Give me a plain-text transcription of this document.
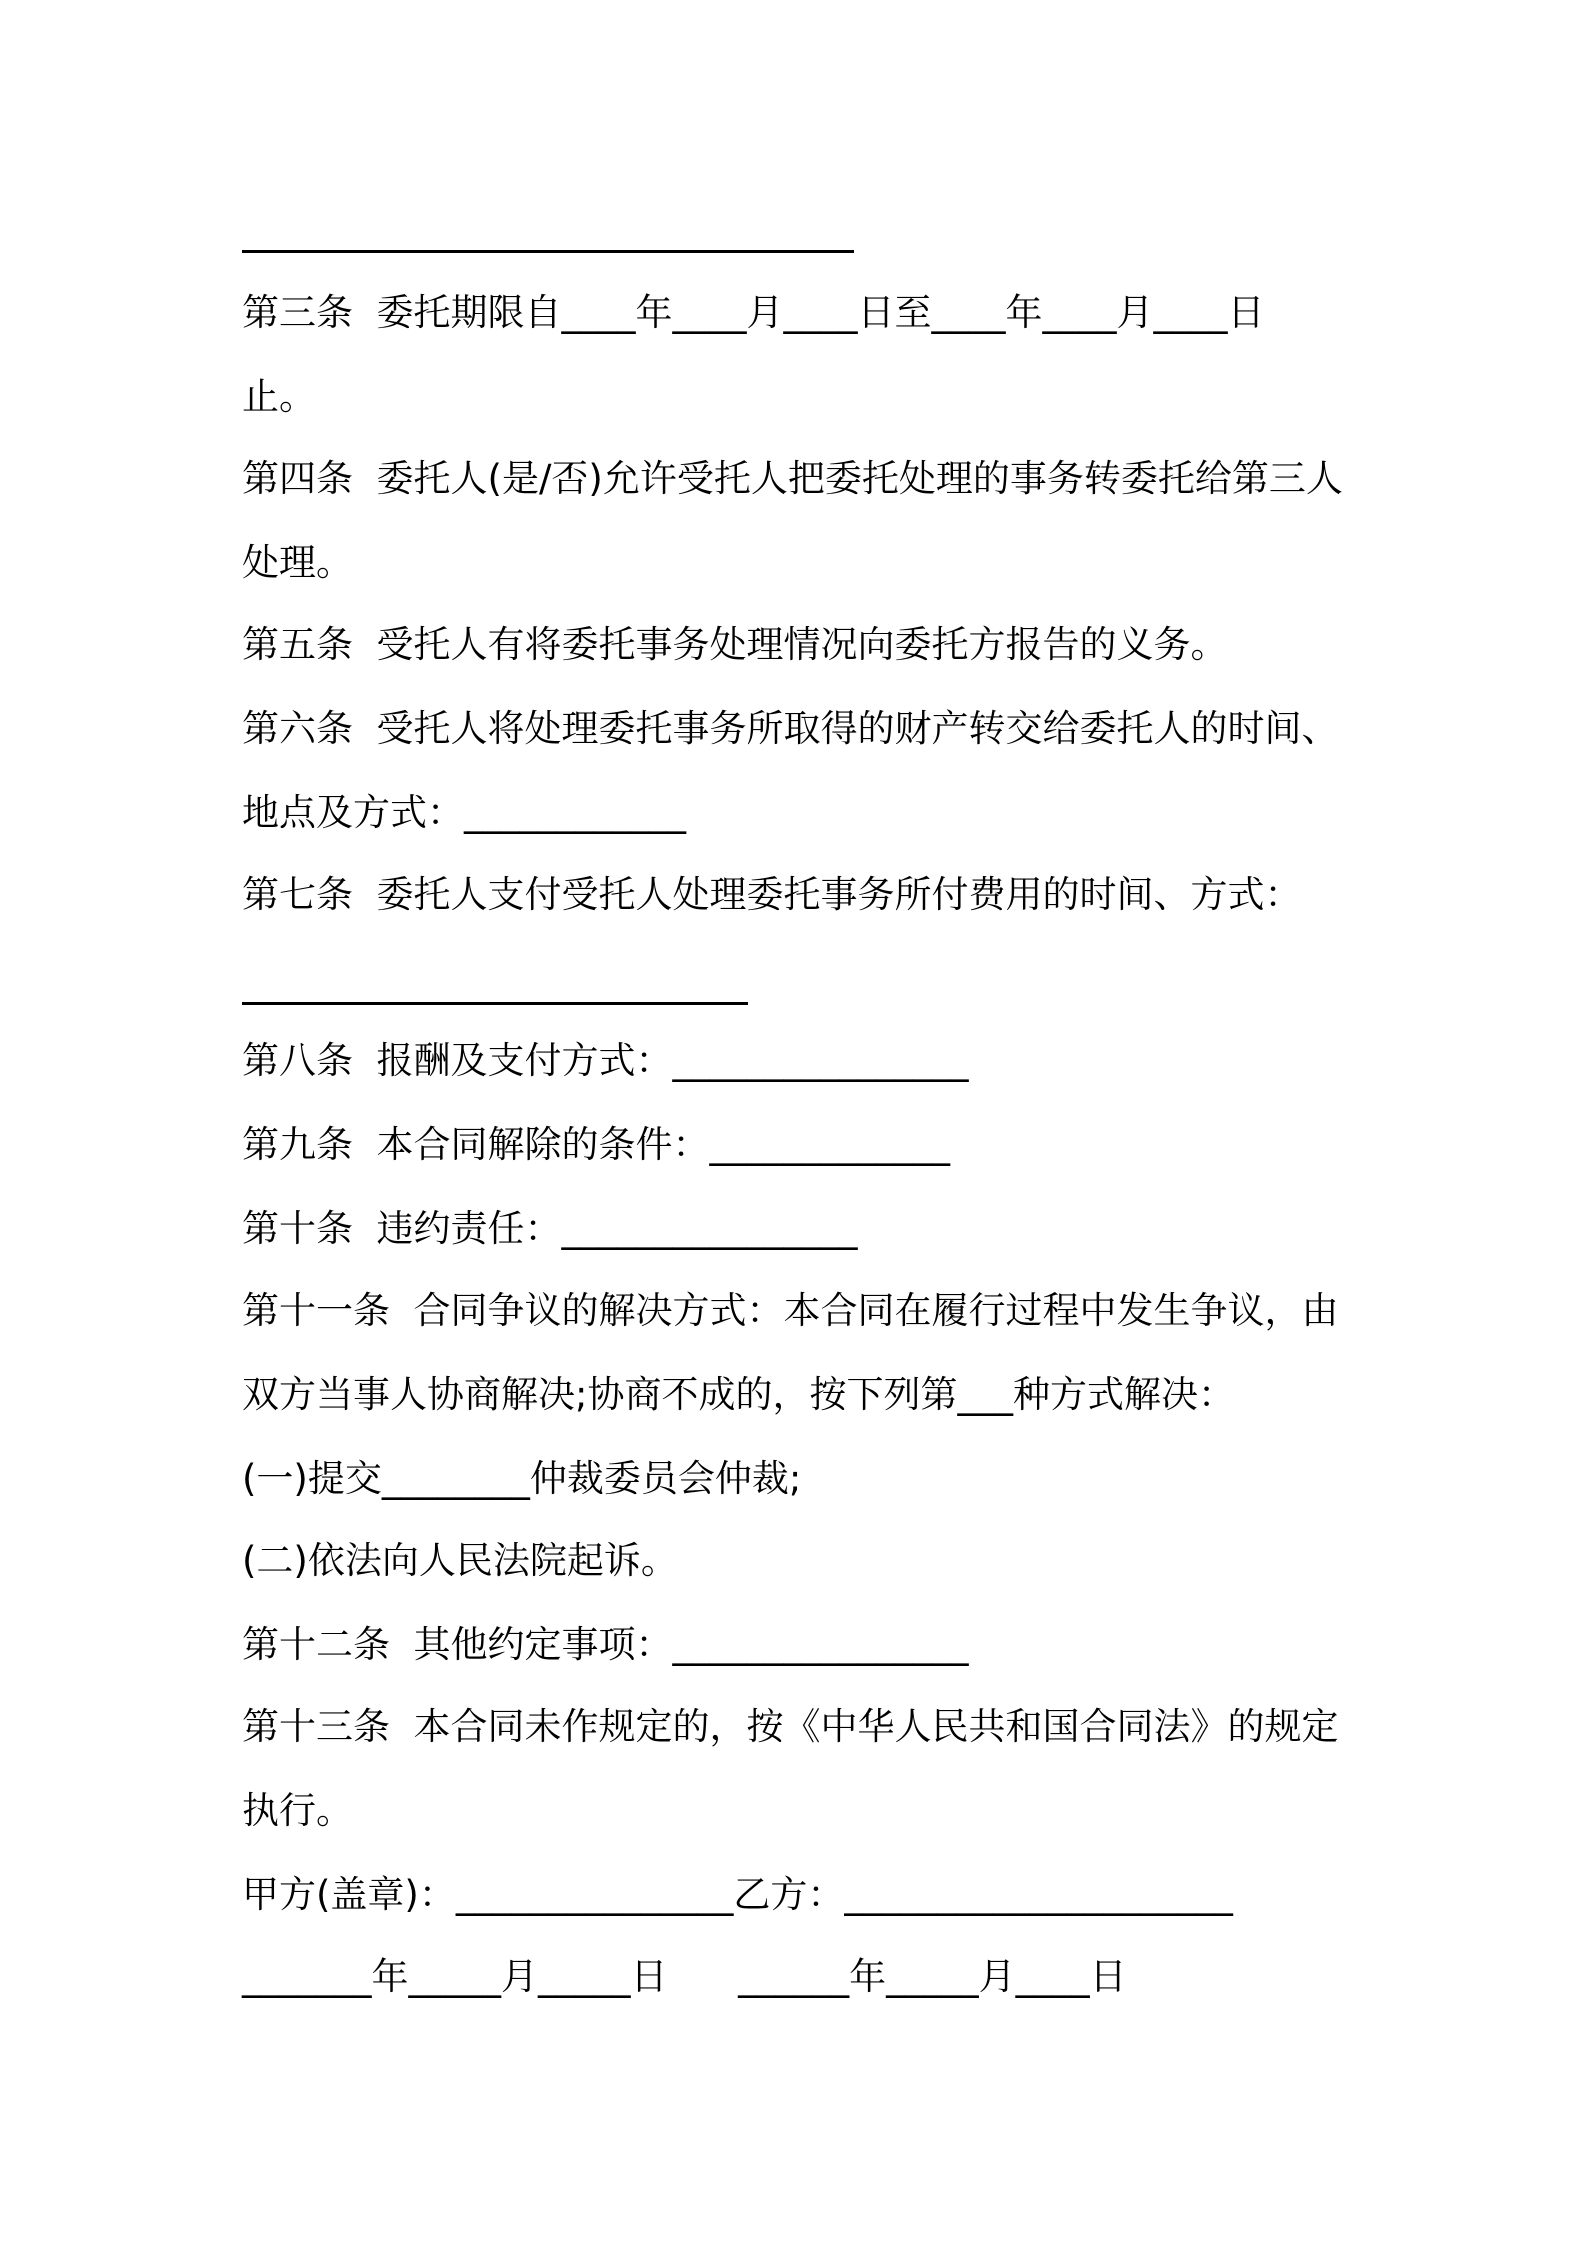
第三条  委托期限自____年____月____日至____年____月____日

止。

第四条  委托人(是/否)允许受托人把委托处理的事务转委托给第三人

处理。

第五条  受托人有将委托事务处理情况向委托方报告的义务。

第六条  受托人将处理委托事务所取得的财产转交给委托人的时间、

地点及方式：____________

第七条  委托人支付受托人处理委托事务所付费用的时间、方式：

第八条  报酬及支付方式：________________

第九条  本合同解除的条件：_____________

第十条  违约责任：________________

第十一条  合同争议的解决方式：本合同在履行过程中发生争议，由

双方当事人协商解决;协商不成的，按下列第___种方式解决：

(一)提交________仲裁委员会仲裁;

(二)依法向人民法院起诉。

第十二条  其他约定事项：________________

第十三条  本合同未作规定的，按《中华人民共和国合同法》的规定

执行。

甲方(盖章)：_______________乙方：_____________________

_______年_____月_____日      ______年_____月____日
